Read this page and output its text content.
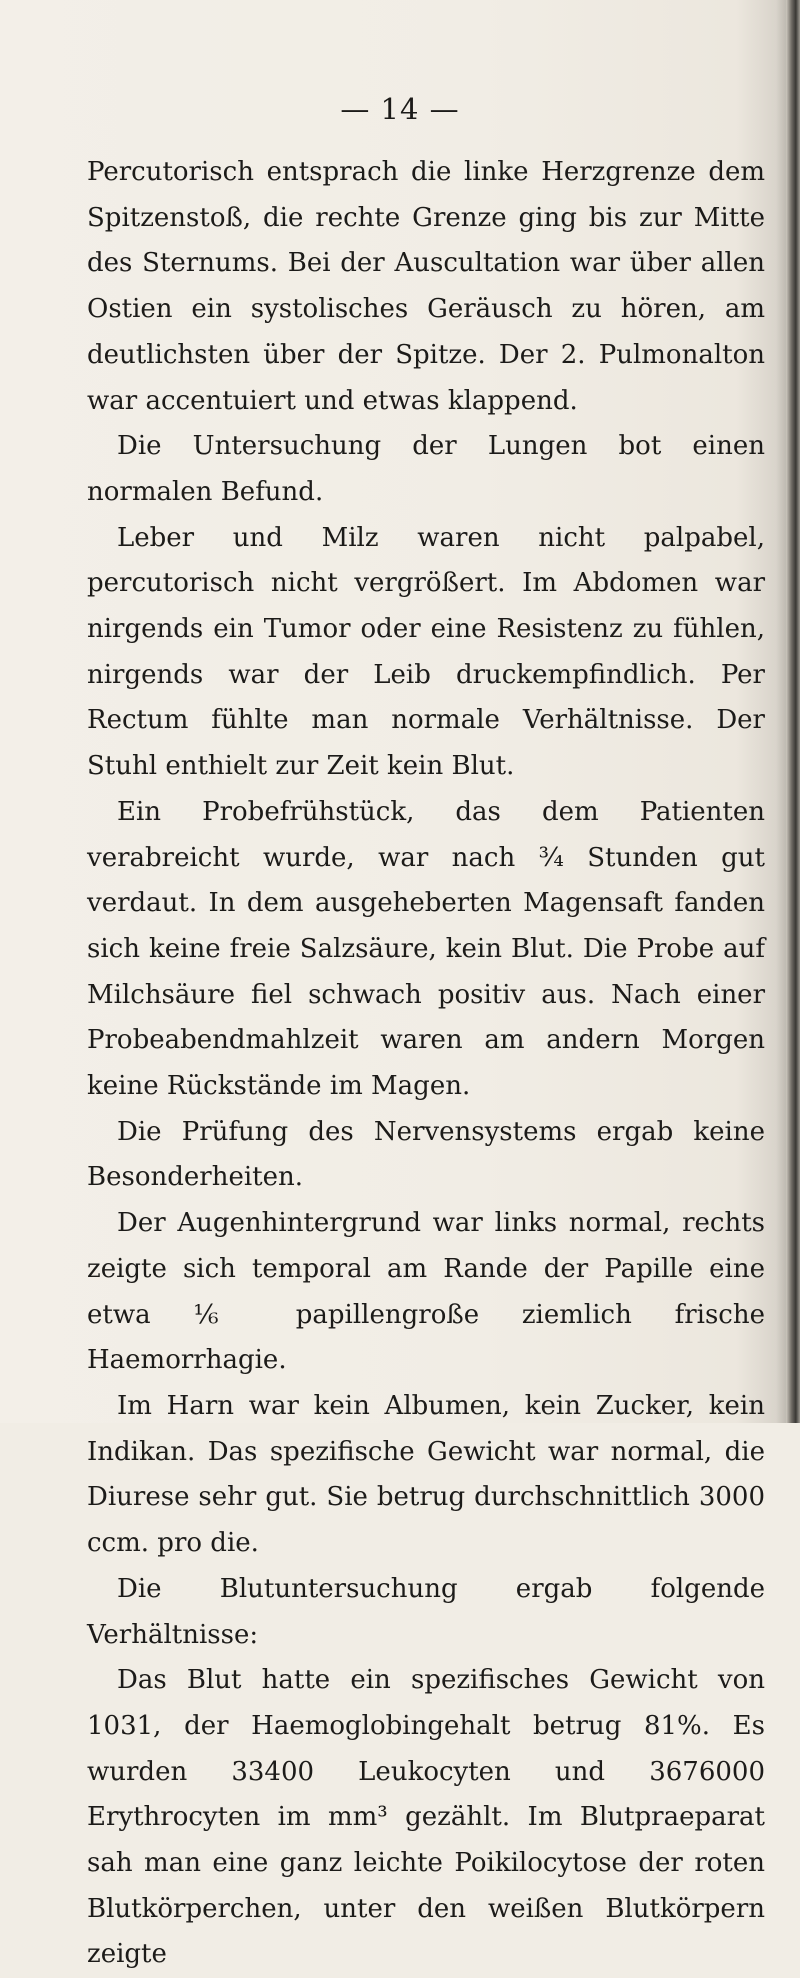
— 14 —

Percutorisch entsprach die linke Herzgrenze dem Spitzenstoß, die rechte Grenze ging bis zur Mitte des Sternums. Bei der Auscultation war über allen Ostien ein systolisches Geräusch zu hören, am deutlichsten über der Spitze. Der 2. Pulmonalton war accentuiert und etwas klappend.

Die Untersuchung der Lungen bot einen normalen Befund.

Leber und Milz waren nicht palpabel, percutorisch nicht vergrößert. Im Abdomen war nirgends ein Tumor oder eine Resistenz zu fühlen, nirgends war der Leib druckempfindlich. Per Rectum fühlte man normale Verhältnisse. Der Stuhl enthielt zur Zeit kein Blut.

Ein Probefrühstück, das dem Patienten verabreicht wurde, war nach ¾ Stunden gut verdaut. In dem ausgeheberten Magensaft fanden sich keine freie Salzsäure, kein Blut. Die Probe auf Milchsäure fiel schwach positiv aus. Nach einer Probeabendmahlzeit waren am andern Morgen keine Rückstände im Magen.

Die Prüfung des Nervensystems ergab keine Besonderheiten.

Der Augenhintergrund war links normal, rechts zeigte sich temporal am Rande der Papille eine etwa ⅙ papillengroße ziemlich frische Haemorrhagie.

Im Harn war kein Albumen, kein Zucker, kein Indikan. Das spezifische Gewicht war normal, die Diurese sehr gut. Sie betrug durchschnittlich 3000 ccm. pro die.

Die Blutuntersuchung ergab folgende Verhältnisse:

Das Blut hatte ein spezifisches Gewicht von 1031, der Haemoglobingehalt betrug 81%. Es wurden 33400 Leukocyten und 3676000 Erythrocyten im mm³ gezählt. Im Blutpraeparat sah man eine ganz leichte Poikilocytose der roten Blutkörperchen, unter den weißen Blutkörpern zeigte
